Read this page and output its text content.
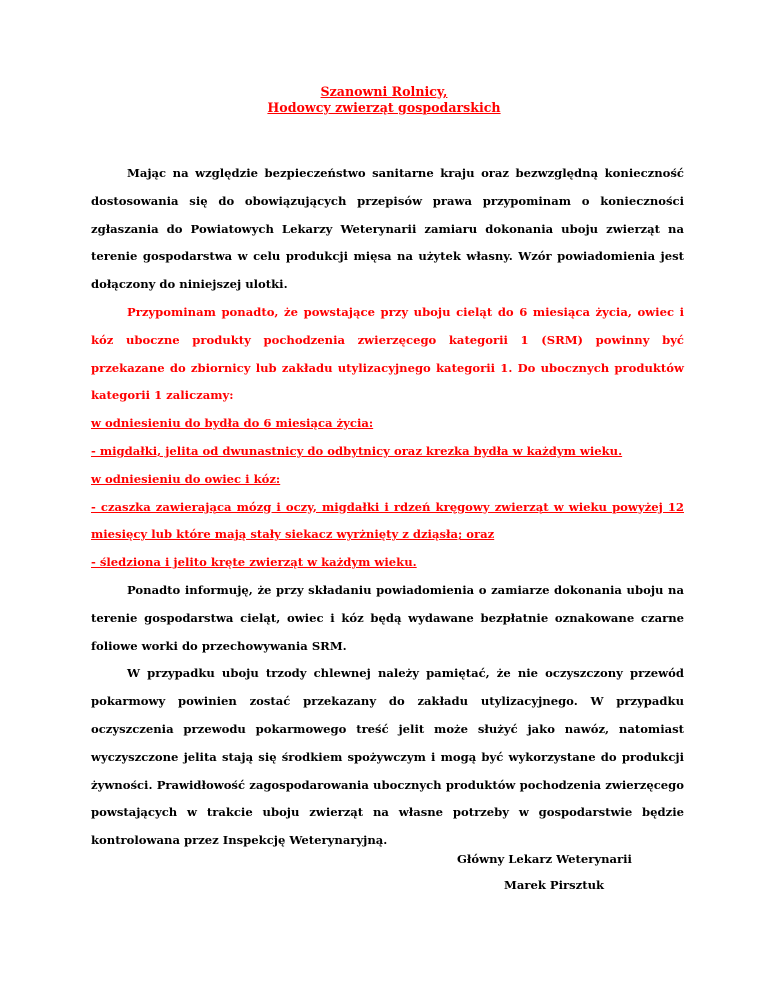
Szanowni Rolnicy,
Hodowcy zwierząt gospodarskich

Mając na względzie bezpieczeństwo sanitarne kraju oraz bezwzględną konieczność dostosowania się do obowiązujących przepisów prawa przypominam o konieczności zgłaszania do Powiatowych Lekarzy Weterynarii zamiaru dokonania uboju zwierząt na terenie gospodarstwa w celu produkcji mięsa na użytek własny. Wzór powiadomienia jest dołączony do niniejszej ulotki.

Przypominam ponadto, że powstające przy uboju cieląt do 6 miesiąca życia, owiec i kóz uboczne produkty pochodzenia zwierzęcego kategorii 1 (SRM) powinny być przekazane do zbiornicy lub zakładu utylizacyjnego kategorii 1. Do ubocznych produktów kategorii 1 zaliczamy:

w odniesieniu do bydła do 6 miesiąca życia:

- migdałki, jelita od dwunastnicy do odbytnicy oraz krezka bydła w każdym wieku.

w odniesieniu do owiec i kóz:

- czaszka zawierająca mózg i oczy, migdałki i rdzeń kręgowy zwierząt w wieku powyżej 12 miesięcy lub które mają stały siekacz wyrżnięty z dziąsła; oraz

- śledziona i jelito kręte zwierząt w każdym wieku.

Ponadto informuję, że przy składaniu powiadomienia o zamiarze dokonania uboju na terenie gospodarstwa cieląt, owiec i kóz będą wydawane bezpłatnie oznakowane czarne foliowe worki do przechowywania SRM.

W przypadku uboju trzody chlewnej należy pamiętać, że nie oczyszczony przewód pokarmowy powinien zostać przekazany do zakładu utylizacyjnego. W przypadku oczyszczenia przewodu pokarmowego treść jelit może służyć jako nawóz, natomiast wyczyszczone jelita stają się środkiem spożywczym i mogą być wykorzystane do produkcji żywności. Prawidłowość zagospodarowania ubocznych produktów pochodzenia zwierzęcego powstających w trakcie uboju zwierząt na własne potrzeby w gospodarstwie będzie kontrolowana przez Inspekcję Weterynaryjną.

Główny Lekarz Weterynarii
Marek Pirsztuk
